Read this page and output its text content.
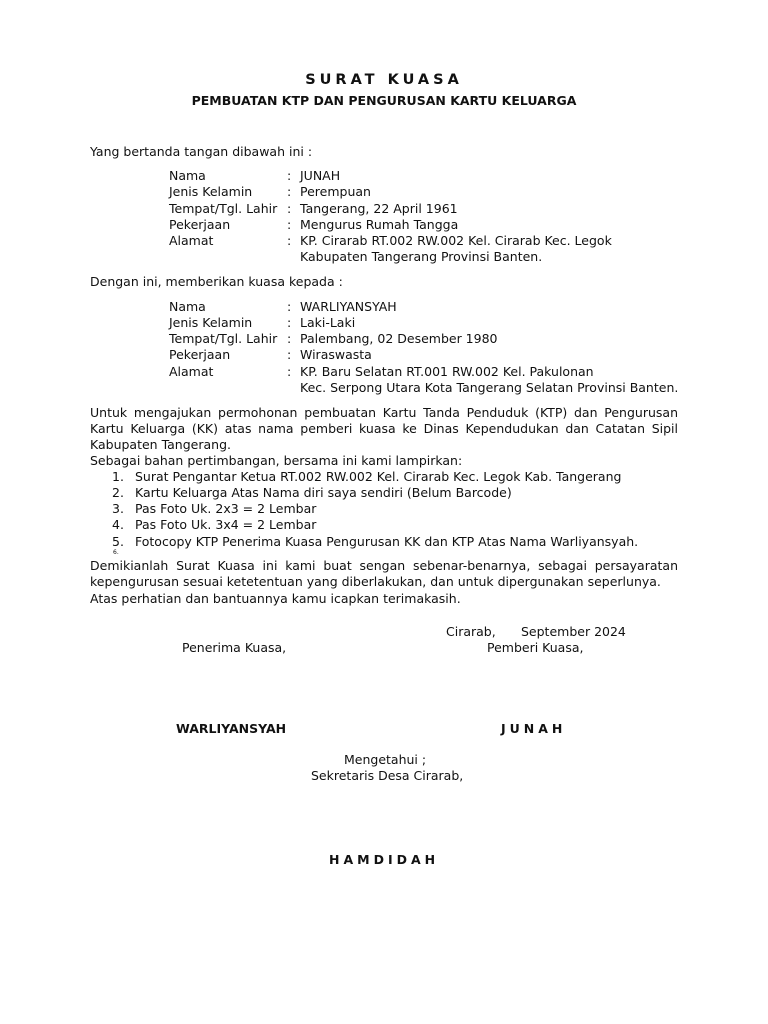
SURAT KUASA
PEMBUATAN KTP DAN PENGURUSAN KARTU KELUARGA
Yang bertanda tangan dibawah ini :
Nama	: JUNAH
Jenis Kelamin	: Perempuan
Tempat/Tgl. Lahir : Tangerang, 22 April 1961
Pekerjaan	: Mengurus Rumah Tangga
Alamat	: KP. Cirarab RT.002 RW.002 Kel. Cirarab Kec. Legok
Kabupaten Tangerang Provinsi Banten.
Dengan ini, memberikan kuasa kepada :
Nama	: WARLIYANSYAH
Jenis Kelamin	: Laki-Laki
Tempat/Tgl. Lahir : Palembang, 02 Desember 1980
Pekerjaan	: Wiraswasta
Alamat	: KP. Baru Selatan RT.001 RW.002 Kel. Pakulonan
Kec. Serpong Utara Kota Tangerang Selatan Provinsi Banten.
Untuk mengajukan permohonan pembuatan Kartu Tanda Penduduk (KTP) dan Pengurusan
Kartu Keluarga (KK) atas nama pemberi kuasa ke Dinas Kependudukan dan Catatan Sipil
Kabupaten Tangerang.
Sebagai bahan pertimbangan, bersama ini kami lampirkan:
1. Surat Pengantar Ketua RT.002 RW.002 Kel. Cirarab Kec. Legok Kab. Tangerang
2. Kartu Keluarga Atas Nama diri saya sendiri (Belum Barcode)
3. Pas Foto Uk. 2x3 = 2 Lembar
4. Pas Foto Uk. 3x4 = 2 Lembar
5. Fotocopy KTP Penerima Kuasa Pengurusan KK dan KTP Atas Nama Warliyansyah.
6.
Demikianlah Surat Kuasa ini kami buat sengan sebenar-benarnya, sebagai persayaratan
kepengurusan sesuai ketetentuan yang diberlakukan, dan untuk dipergunakan seperlunya.
Atas perhatian dan bantuannya kamu icapkan terimakasih.
Cirarab, September 2024
Penerima Kuasa,	Pemberi Kuasa,
WARLIYANSYAH	JUNAH
Mengetahui ;
Sekretaris Desa Cirarab,
HAMDIDAH
